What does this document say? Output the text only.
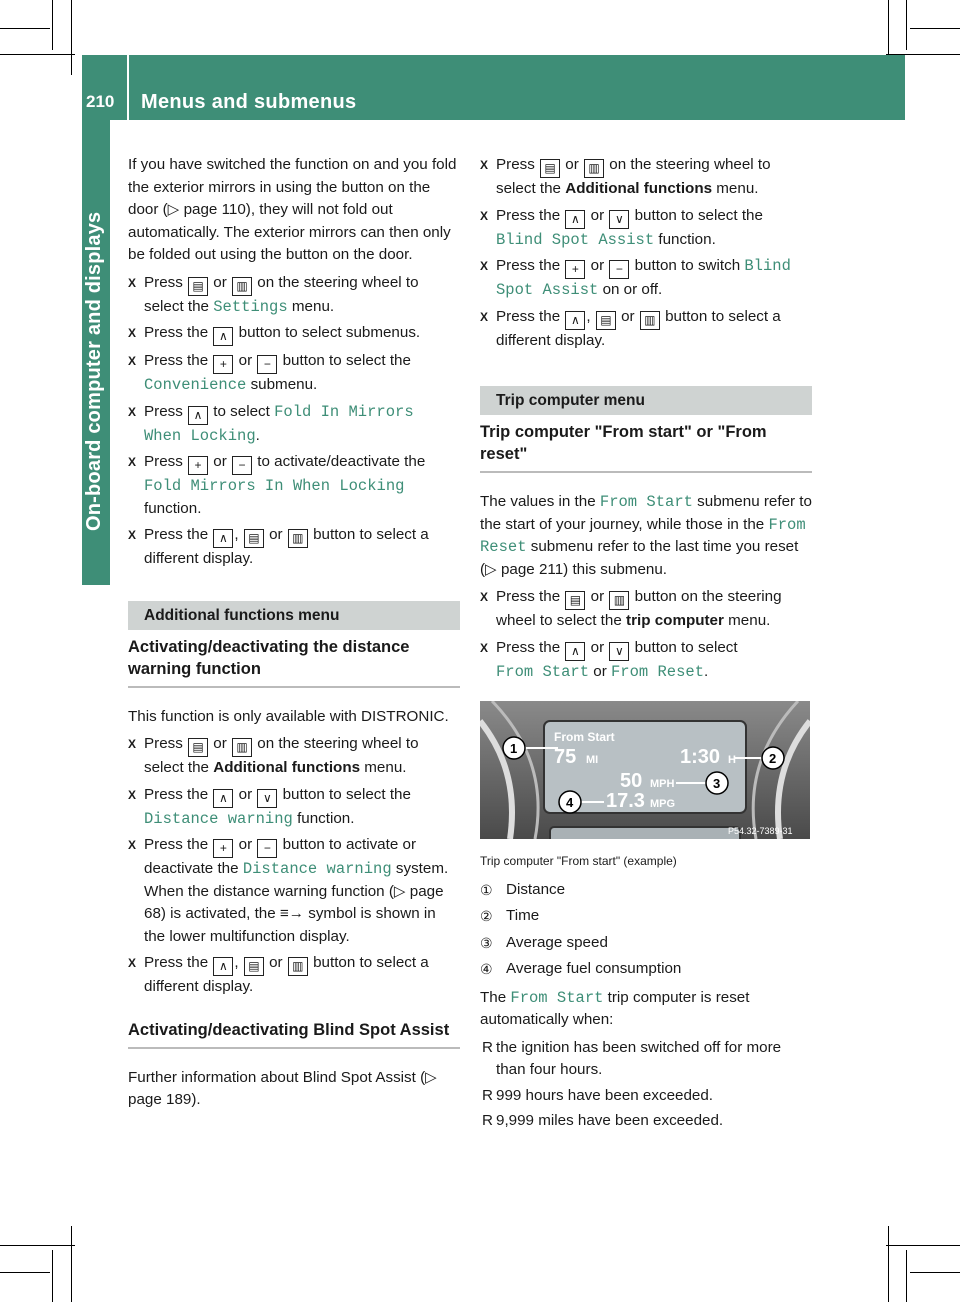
210	Menus and submenus
On-board computer and displays

If you have switched the function on and you fold the exterior mirrors in using the button on the door (▷ page 110), they will not fold out automatically. The exterior mirrors can then only be folded out using the button on the door.

X Press ▤ or ▥ on the steering wheel to select the Settings menu.
X Press the ∧ button to select submenus.
X Press the + or − button to select the Convenience submenu.
X Press ∧ to select Fold In Mirrors When Locking.
X Press + or − to activate/deactivate the Fold Mirrors In When Locking function.
X Press the ∧ , ▤ or ▥ button to select a different display.
Additional functions menu
Activating/deactivating the distance warning function

This function is only available with DISTRONIC.

X Press ▤ or ▥ on the steering wheel to select the Additional functions menu.
X Press the ∧ or ∨ button to select the Distance warning function.
X Press the + or − button to activate or deactivate the Distance warning system.
When the distance warning function (▷ page 68) is activated, the ≡→ symbol is shown in the lower multifunction display.
X Press the ∧ , ▤ or ▥ button to select a different display.
Activating/deactivating Blind Spot Assist

Further information about Blind Spot Assist (▷ page 189).

X Press ▤ or ▥ on the steering wheel to select the Additional functions menu.
X Press the ∧ or ∨ button to select the Blind Spot Assist function.
X Press the + or − button to switch Blind Spot Assist on or off.
X Press the ∧ , ▤ or ▥ button to select a different display.
Trip computer menu
Trip computer "From start" or "From reset"

The values in the From Start submenu refer to the start of your journey, while those in the From Reset submenu refer to the last time you reset (▷ page 211) this submenu.

X Press the ▤ or ▥ button on the steering wheel to select the trip computer menu.
X Press the ∧ or ∨ button to select
From Start or From Reset.
From Start
75 MI	1:30 H
50 MPH
17.3 MPG
1
2
3
4
P54.32-7389-31
Trip computer "From start" (example)
① Distance
② Time
③ Average speed
④ Average fuel consumption

The From Start trip computer is reset automatically when:

R the ignition has been switched off for more than four hours.
R 999 hours have been exceeded.
R 9,999 miles have been exceeded.
